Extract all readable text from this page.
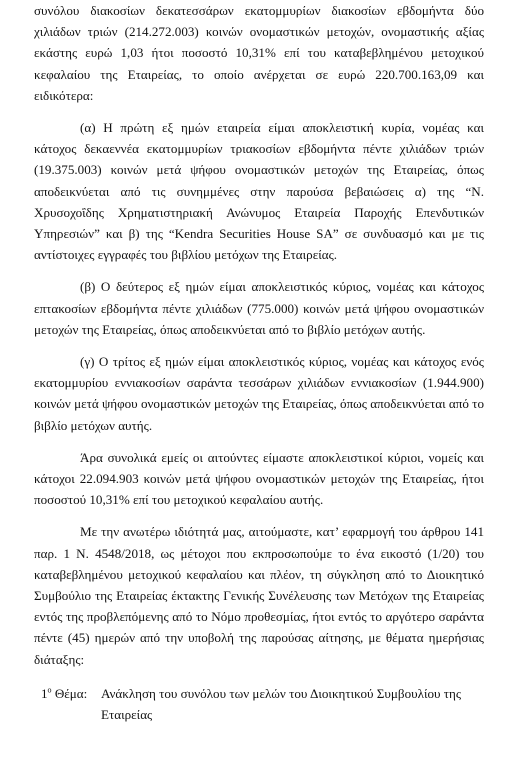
συνόλου διακοσίων δεκατεσσάρων εκατομμυρίων διακοσίων εβδομήντα δύο χιλιάδων τριών (214.272.003) κοινών ονομαστικών μετοχών, ονομαστικής αξίας εκάστης ευρώ 1,03 ήτοι ποσοστό 10,31% επί του καταβεβλημένου μετοχικού κεφαλαίου της Εταιρείας, το οποίο ανέρχεται σε ευρώ 220.700.163,09 και ειδικότερα:

(α) Η πρώτη εξ ημών εταιρεία είμαι αποκλειστική κυρία, νομέας και κάτοχος δεκαεννέα εκατομμυρίων τριακοσίων εβδομήντα πέντε χιλιάδων τριών (19.375.003) κοινών μετά ψήφου ονομαστικών μετοχών της Εταιρείας, όπως αποδεικνύεται από τις συνημμένες στην παρούσα βεβαιώσεις α) της “Ν. Χρυσοχοΐδης Χρηματιστηριακή Ανώνυμος Εταιρεία Παροχής Επενδυτικών Υπηρεσιών” και β) της “Kendra Securities House SA” σε συνδυασμό και με τις αντίστοιχες εγγραφές του βιβλίου μετόχων της Εταιρείας.

(β) Ο δεύτερος εξ ημών είμαι αποκλειστικός κύριος, νομέας και κάτοχος επτακοσίων εβδομήντα πέντε χιλιάδων (775.000) κοινών μετά ψήφου ονομαστικών μετοχών της Εταιρείας, όπως αποδεικνύεται από το βιβλίο μετόχων αυτής.

(γ) Ο τρίτος εξ ημών είμαι αποκλειστικός κύριος, νομέας και κάτοχος ενός εκατομμυρίου εννιακοσίων σαράντα τεσσάρων χιλιάδων εννιακοσίων (1.944.900) κοινών μετά ψήφου ονομαστικών μετοχών της Εταιρείας, όπως αποδεικνύεται από το βιβλίο μετόχων αυτής.

Άρα συνολικά εμείς οι αιτούντες είμαστε αποκλειστικοί κύριοι, νομείς και κάτοχοι 22.094.903 κοινών μετά ψήφου ονομαστικών μετοχών της Εταιρείας, ήτοι ποσοστού 10,31% επί του μετοχικού κεφαλαίου αυτής.

Με την ανωτέρω ιδιότητά μας, αιτούμαστε, κατ’ εφαρμογή του άρθρου 141 παρ. 1 Ν. 4548/2018, ως μέτοχοι που εκπροσωπούμε το ένα εικοστό (1/20) του καταβεβλημένου μετοχικού κεφαλαίου και πλέον, τη σύγκληση από το Διοικητικό Συμβούλιο της Εταιρείας έκτακτης Γενικής Συνέλευσης των Μετόχων της Εταιρείας εντός της προβλεπόμενης από το Νόμο προθεσμίας, ήτοι εντός το αργότερο σαράντα πέντε (45) ημερών από την υποβολή της παρούσας αίτησης, με θέματα ημερήσιας διάταξης:

$1^o$ Θέμα:	Ανάκληση του συνόλου των μελών του Διοικητικού Συμβουλίου της Εταιρείας
